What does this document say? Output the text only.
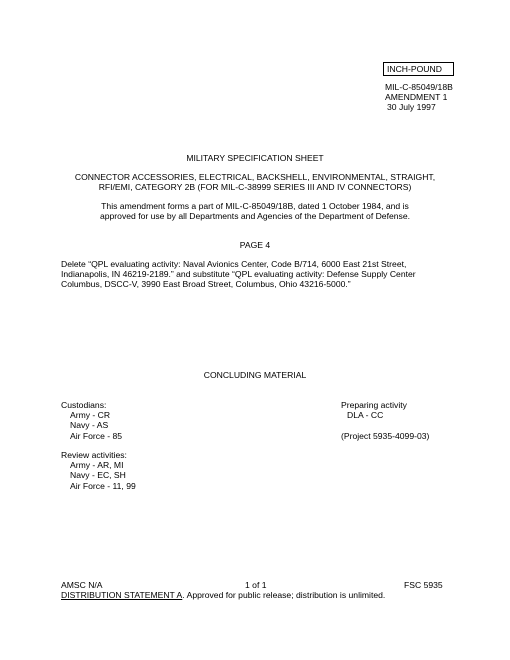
INCH-POUND
MIL-C-85049/18B
AMENDMENT 1
30 July 1997
MILITARY SPECIFICATION SHEET
CONNECTOR ACCESSORIES, ELECTRICAL, BACKSHELL, ENVIRONMENTAL, STRAIGHT,
RFI/EMI, CATEGORY 2B (FOR MIL-C-38999 SERIES III AND IV CONNECTORS)
This amendment forms a part of MIL-C-85049/18B, dated 1 October 1984, and is
approved for use by all Departments and Agencies of the Department of Defense.
PAGE 4
Delete “QPL evaluating activity: Naval Avionics Center, Code B/714, 6000 East 21st Street,
Indianapolis, IN 46219-2189.” and substitute “QPL evaluating activity: Defense Supply Center
Columbus, DSCC-V, 3990 East Broad Street, Columbus, Ohio 43216-5000.”
CONCLUDING MATERIAL
Custodians:
Army - CR
Navy - AS
Air Force - 85
Preparing activity
DLA - CC
(Project 5935-4099-03)
Review activities:
Army - AR, MI
Navy - EC, SH
Air Force - 11, 99
AMSC N/A	1 of 1	FSC 5935
DISTRIBUTION STATEMENT A. Approved for public release; distribution is unlimited.
